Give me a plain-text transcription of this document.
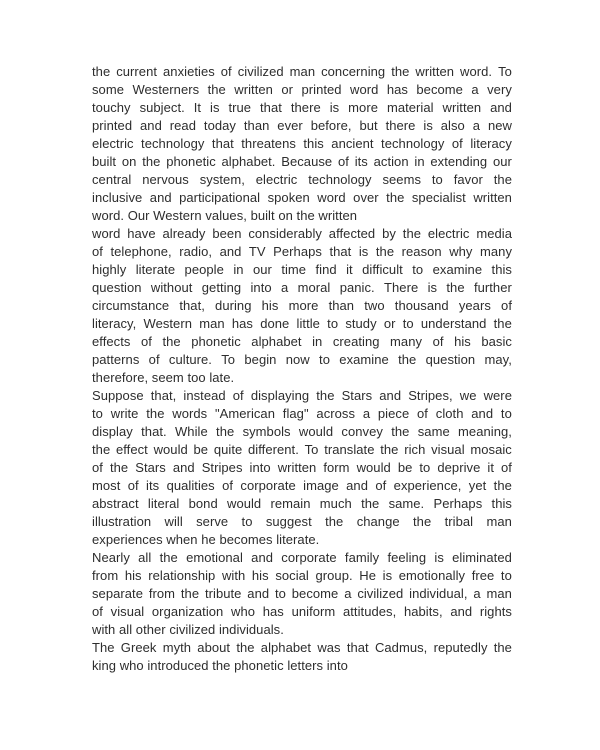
the current anxieties of civilized man concerning the written word. To
some Westerners the written or printed word has become a very
touchy subject. It is true that there is more material written and
printed and read today than ever before, but there is also a new
electric technology that threatens this ancient technology of literacy
built on the phonetic alphabet. Because of its action in extending our
central nervous system, electric technology seems to favor the
inclusive and participational spoken word over the specialist written
word. Our Western values, built on the written
word have already been considerably affected by the electric media
of telephone, radio, and TV Perhaps that is the reason why many
highly literate people in our time find it difficult to examine this
question without getting into a moral panic. There is the further
circumstance that, during his more than two thousand years of
literacy, Western man has done little to study or to understand the
effects of the phonetic alphabet in creating many of his basic
patterns of culture. To begin now to examine the question may,
therefore, seem too late.
Suppose that, instead of displaying the Stars and Stripes, we were
to write the words "American flag" across a piece of cloth and to
display that. While the symbols would convey the same meaning,
the effect would be quite different. To translate the rich visual mosaic
of the Stars and Stripes into written form would be to deprive it of
most of its qualities of corporate image and of experience, yet the
abstract literal bond would remain much the same. Perhaps this
illustration will serve to suggest the change the tribal man
experiences when he becomes literate.
Nearly all the emotional and corporate family feeling is eliminated
from his relationship with his social group. He is emotionally free to
separate from the tribute and to become a civilized individual, a man
of visual organization who has uniform attitudes, habits, and rights
with all other civilized individuals.
The Greek myth about the alphabet was that Cadmus, reputedly the
king who introduced the phonetic letters into
